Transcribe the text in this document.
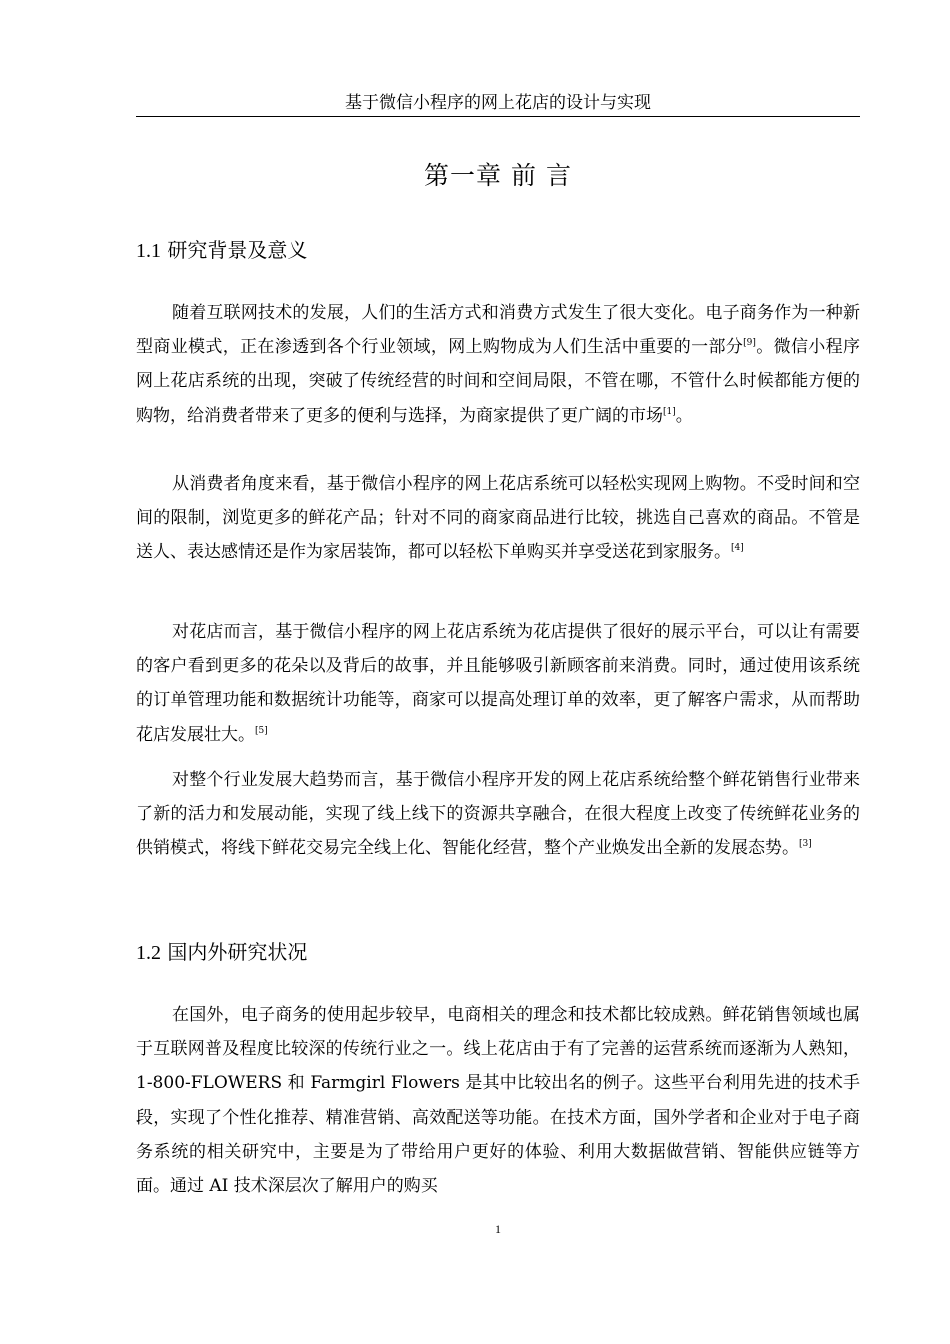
基于微信小程序的网上花店的设计与实现
第一章 前 言
1.1 研究背景及意义

随着互联网技术的发展，人们的生活方式和消费方式发生了很大变化。电子商务作为一种新型商业模式，正在渗透到各个行业领域，网上购物成为人们生活中重要的一部分[9]。微信小程序网上花店系统的出现，突破了传统经营的时间和空间局限，不管在哪，不管什么时候都能方便的购物，给消费者带来了更多的便利与选择，为商家提供了更广阔的市场[1]。

从消费者角度来看，基于微信小程序的网上花店系统可以轻松实现网上购物。不受时间和空间的限制，浏览更多的鲜花产品；针对不同的商家商品进行比较，挑选自己喜欢的商品。不管是送人、表达感情还是作为家居装饰，都可以轻松下单购买并享受送花到家服务。[4]

对花店而言，基于微信小程序的网上花店系统为花店提供了很好的展示平台，可以让有需要的客户看到更多的花朵以及背后的故事，并且能够吸引新顾客前来消费。同时，通过使用该系统的订单管理功能和数据统计功能等，商家可以提高处理订单的效率，更了解客户需求，从而帮助花店发展壮大。[5]

对整个行业发展大趋势而言，基于微信小程序开发的网上花店系统给整个鲜花销售行业带来了新的活力和发展动能，实现了线上线下的资源共享融合，在很大程度上改变了传统鲜花业务的供销模式，将线下鲜花交易完全线上化、智能化经营，整个产业焕发出全新的发展态势。[3]

1.2 国内外研究状况

在国外，电子商务的使用起步较早，电商相关的理念和技术都比较成熟。鲜花销售领域也属于互联网普及程度比较深的传统行业之一。线上花店由于有了完善的运营系统而逐渐为人熟知，1-800-FLOWERS 和 Farmgirl Flowers 是其中比较出名的例子。这些平台利用先进的技术手段，实现了个性化推荐、精准营销、高效配送等功能。在技术方面，国外学者和企业对于电子商务系统的相关研究中，主要是为了带给用户更好的体验、利用大数据做营销、智能供应链等方面。通过 AI 技术深层次了解用户的购买

1
